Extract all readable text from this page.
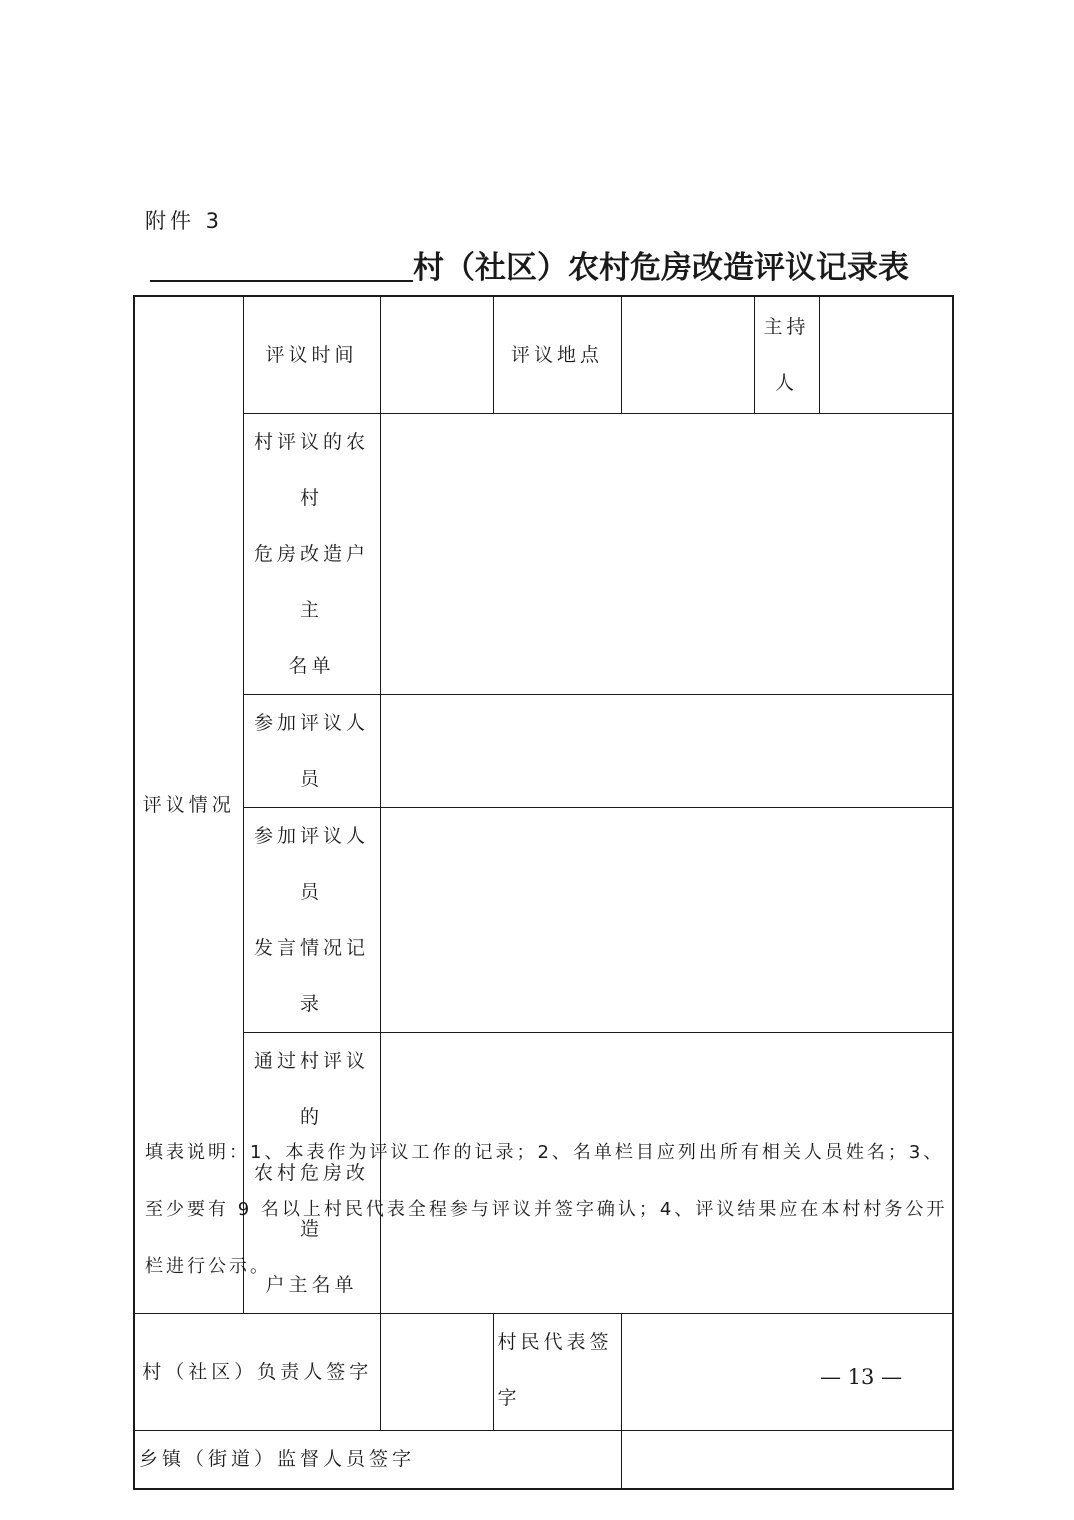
附件 3
村（社区）农村危房改造评议记录表
评议情况	评议时间		评议地点		主持
人	

	村评议的农村
危房改造户主
名单					

	参加评议人员					

	参加评议人员
发言情况记录					

	通过村评议的
农村危房改造
户主名单					

村（社区）负责人签字			村民代表签
字			

乡镇（街道）监督人员签字						
填表说明：1、本表作为评议工作的记录；2、名单栏目应列出所有相关人员姓名；3、至少要有 9 名以上村民代表全程参与评议并签字确认；4、评议结果应在本村村务公开栏进行公示。
— 13 —
